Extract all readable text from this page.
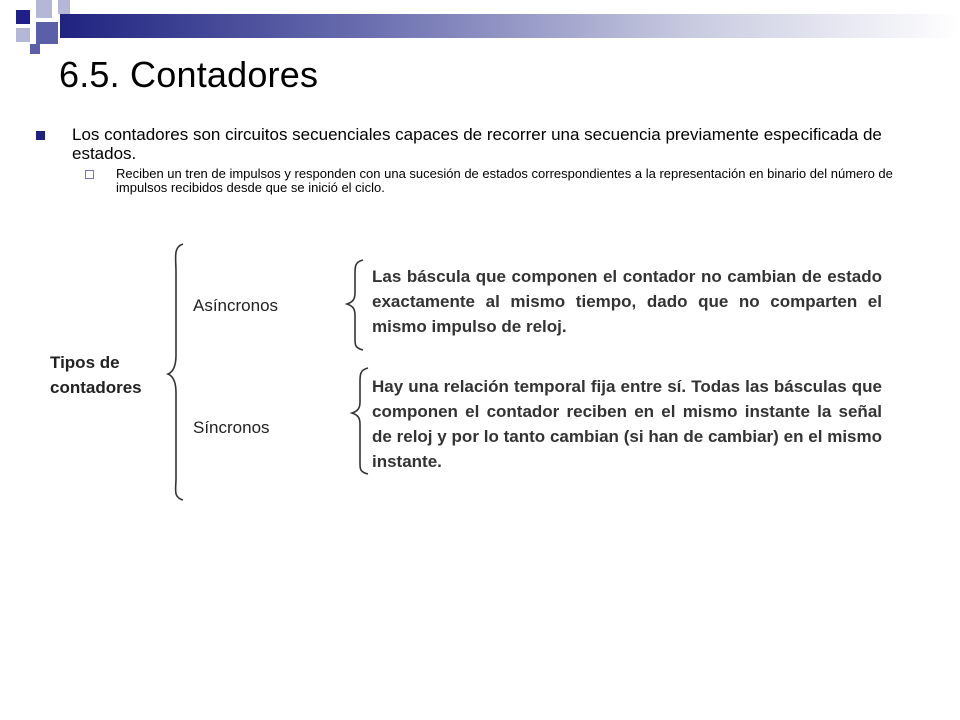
6.5. Contadores
Los contadores son circuitos secuenciales capaces de recorrer una secuencia previamente especificada de estados.
Reciben un tren de impulsos y responden con una sucesión de estados correspondientes a la representación en binario del número de impulsos recibidos desde que se inició el ciclo.
Tipos de contadores
Asíncronos
Síncronos
Las báscula que componen el contador no cambian de estado exactamente al mismo tiempo, dado que no comparten el mismo impulso de reloj.
Hay una relación temporal fija entre sí. Todas las básculas que componen el contador reciben en el mismo instante la señal de reloj y por lo tanto cambian (si han de cambiar) en el mismo instante.
